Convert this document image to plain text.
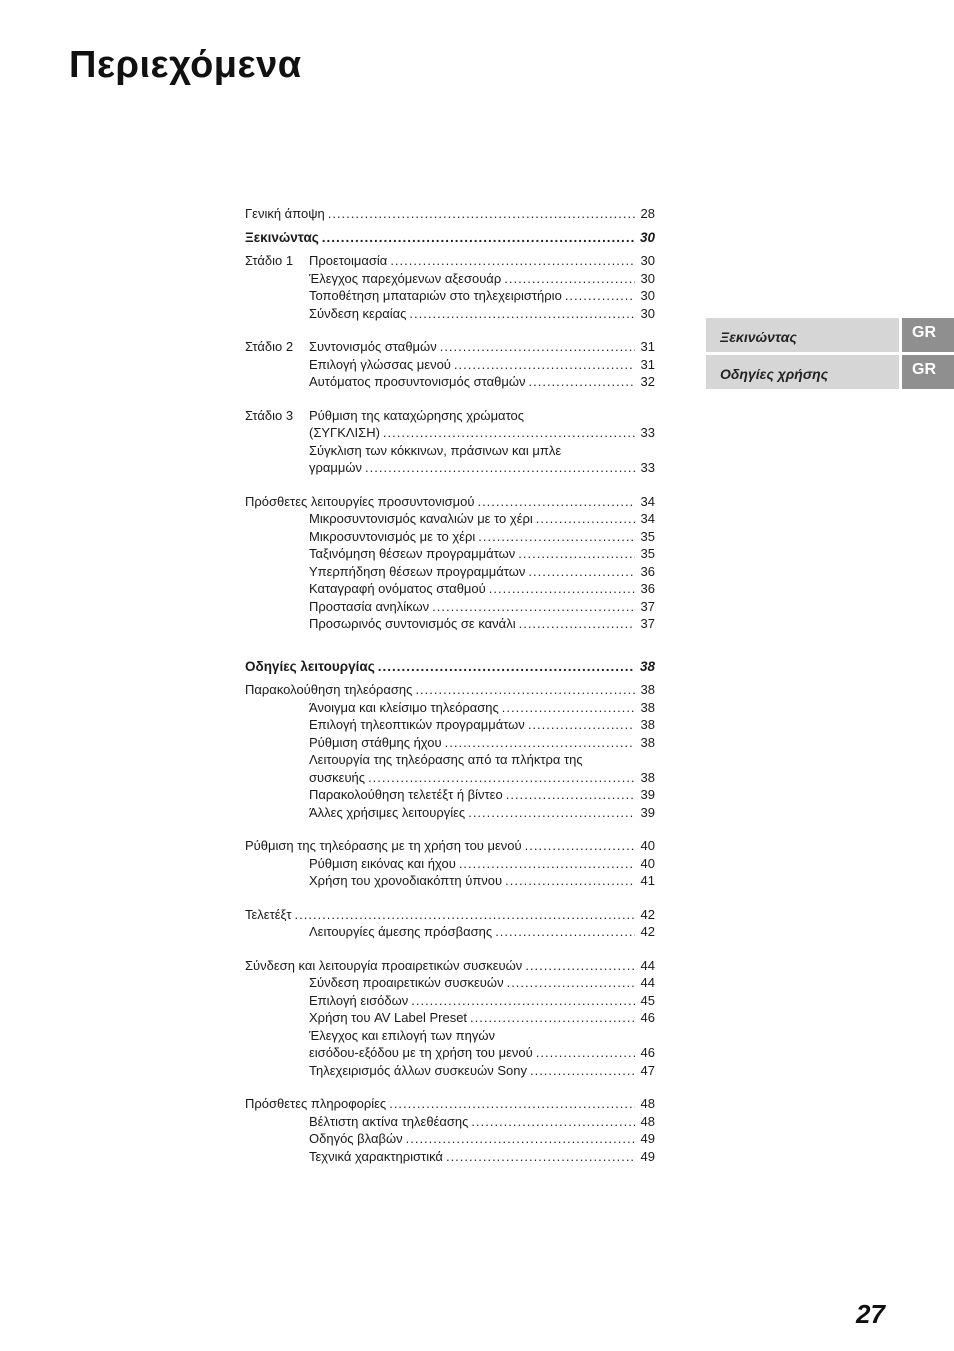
Περιεχόμενα
Γενική άποψη .....	28
Ξεκινώντας .....	30
Στάδιο 1	Προετοιμασία .....	30
Έλεγχος παρεχόμενων αξεσουάρ .....	30
Τοποθέτηση μπαταριών στο τηλεχειριστήριο .....	30
Σύνδεση κεραίας .....	30
Στάδιο 2	Συντονισμός σταθμών .....	31
Επιλογή γλώσσας μενού .....	31
Αυτόματος προσυντονισμός σταθμών .....	32
Στάδιο 3	Ρύθμιση της καταχώρησης χρώματος
(ΣΥΓΚΛΙΣΗ) .....	33
Σύγκλιση των κόκκινων, πράσινων και μπλε
γραμμών .....	33
Πρόσθετες λειτουργίες προσυντονισμού .....	34
Μικροσυντονισμός καναλιών με το χέρι .....	34
Μικροσυντονισμός με το χέρι .....	35
Ταξινόμηση θέσεων προγραμμάτων .....	35
Υπερπήδηση θέσεων προγραμμάτων .....	36
Καταγραφή ονόματος σταθμού .....	36
Προστασία ανηλίκων .....	37
Προσωρινός συντονισμός σε κανάλι .....	37
Οδηγίες λειτουργίας .....	38
Παρακολούθηση τηλεόρασης .....	38
Άνοιγμα και κλείσιμο τηλεόρασης .....	38
Επιλογή τηλεοπτικών προγραμμάτων .....	38
Ρύθμιση στάθμης ήχου .....	38
Λειτουργία της τηλεόρασης από τα πλήκτρα της
συσκευής .....	38
Παρακολούθηση τελετέξτ ή βίντεο .....	39
Άλλες χρήσιμες λειτουργίες .....	39
Ρύθμιση της τηλεόρασης με τη χρήση του μενού .....	40
Ρύθμιση εικόνας και ήχου .....	40
Χρήση του χρονοδιακόπτη ύπνου .....	41
Τελετέξτ .....	42
Λειτουργίες άμεσης πρόσβασης .....	42
Σύνδεση και λειτουργία προαιρετικών συσκευών .....	44
Σύνδεση προαιρετικών συσκευών .....	44
Επιλογή εισόδων .....	45
Χρήση του AV Label Preset .....	46
Έλεγχος και επιλογή των πηγών
εισόδου-εξόδου με τη χρήση του μενού .....	46
Τηλεχειρισμός άλλων συσκευών Sony .....	47
Πρόσθετες πληροφορίες .....	48
Βέλτιστη ακτίνα τηλεθέασης .....	48
Οδηγός βλαβών .....	49
Τεχνικά χαρακτηριστικά .....	49
Ξεκινώντας	GR
Οδηγίες χρήσης	GR
27
